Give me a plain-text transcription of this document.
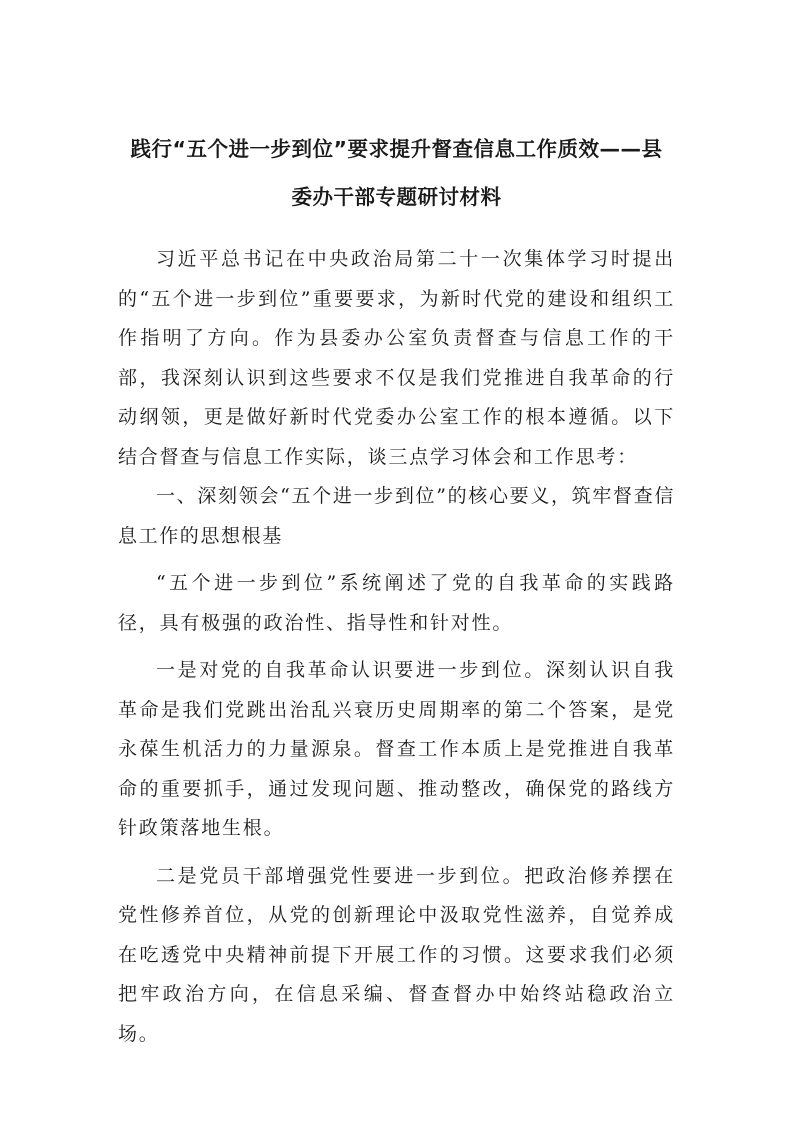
践行“五个进一步到位”要求提升督查信息工作质效——县
委办干部专题研讨材料

习近平总书记在中央政治局第二十一次集体学习时提出的“五个进一步到位”重要要求，为新时代党的建设和组织工作指明了方向。作为县委办公室负责督查与信息工作的干部，我深刻认识到这些要求不仅是我们党推进自我革命的行动纲领，更是做好新时代党委办公室工作的根本遵循。以下结合督查与信息工作实际，谈三点学习体会和工作思考：

一、深刻领会“五个进一步到位”的核心要义，筑牢督查信息工作的思想根基

“五个进一步到位”系统阐述了党的自我革命的实践路径，具有极强的政治性、指导性和针对性。

一是对党的自我革命认识要进一步到位。深刻认识自我革命是我们党跳出治乱兴衰历史周期率的第二个答案，是党永葆生机活力的力量源泉。督查工作本质上是党推进自我革命的重要抓手，通过发现问题、推动整改，确保党的路线方针政策落地生根。

二是党员干部增强党性要进一步到位。把政治修养摆在党性修养首位，从党的创新理论中汲取党性滋养，自觉养成在吃透党中央精神前提下开展工作的习惯。这要求我们必须把牢政治方向，在信息采编、督查督办中始终站稳政治立场。
